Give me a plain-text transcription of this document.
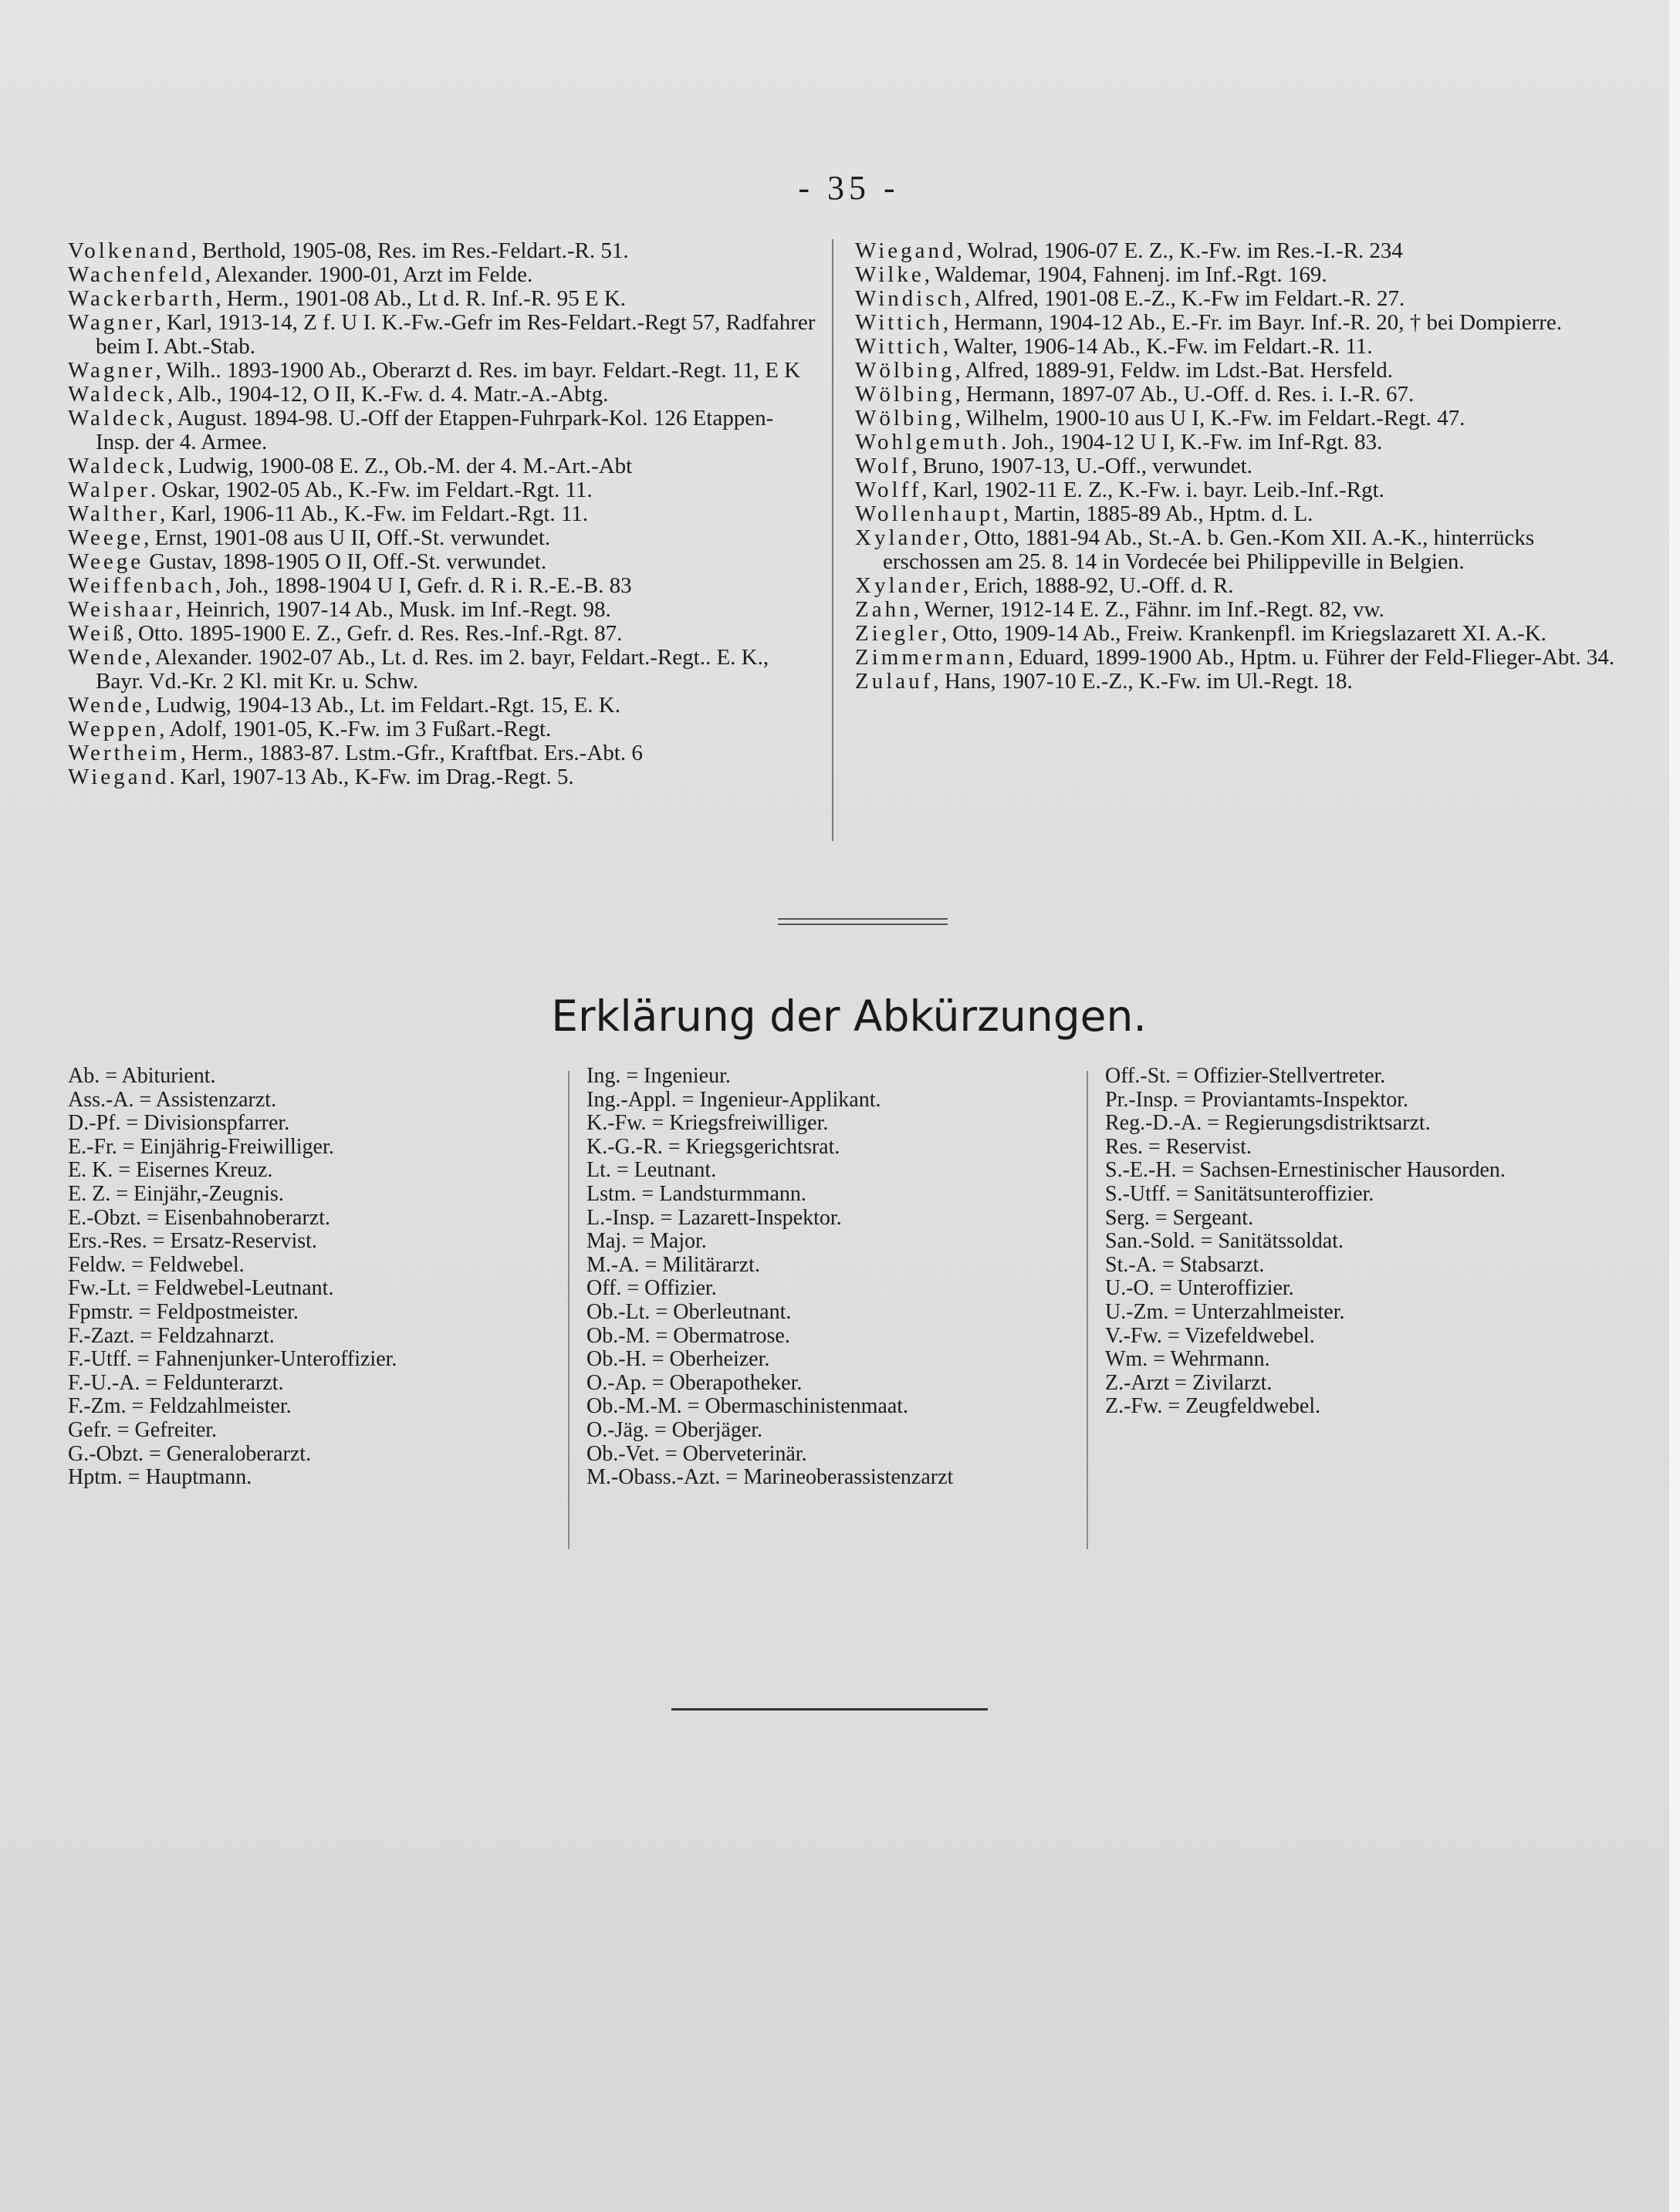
- 35 -
Volkenand, Berthold, 1905-08, Res. im Res.-Feldart.-R. 51.
Wachenfeld, Alexander. 1900-01, Arzt im Felde.
Wackerbarth, Herm., 1901-08 Ab., Lt d. R. Inf.-R. 95 E K.
Wagner, Karl, 1913-14, Z f. U I. K.-Fw.-Gefr im Res-Feldart.-Regt 57, Radfahrer beim I. Abt.-Stab.
Wagner, Wilh.. 1893-1900 Ab., Oberarzt d. Res. im bayr. Feldart.-Regt. 11, E K
Waldeck, Alb., 1904-12, O II, K.-Fw. d. 4. Matr.-A.-Abtg.
Waldeck, August. 1894-98. U.-Off der Etappen-Fuhrpark-Kol. 126 Etappen-Insp. der 4. Armee.
Waldeck, Ludwig, 1900-08 E. Z., Ob.-M. der 4. M.-Art.-Abt
Walper. Oskar, 1902-05 Ab., K.-Fw. im Feldart.-Rgt. 11.
Walther, Karl, 1906-11 Ab., K.-Fw. im Feldart.-Rgt. 11.
Weege, Ernst, 1901-08 aus U II, Off.-St. verwundet.
Weege Gustav, 1898-1905 O II, Off.-St. verwundet.
Weiffenbach, Joh., 1898-1904 U I, Gefr. d. R i. R.-E.-B. 83
Weishaar, Heinrich, 1907-14 Ab., Musk. im Inf.-Regt. 98.
Weiß, Otto. 1895-1900 E. Z., Gefr. d. Res. Res.-Inf.-Rgt. 87.
Wende, Alexander. 1902-07 Ab., Lt. d. Res. im 2. bayr, Feldart.-Regt.. E. K., Bayr. Vd.-Kr. 2 Kl. mit Kr. u. Schw.
Wende, Ludwig, 1904-13 Ab., Lt. im Feldart.-Rgt. 15, E. K.
Weppen, Adolf, 1901-05, K.-Fw. im 3 Fußart.-Regt.
Wertheim, Herm., 1883-87. Lstm.-Gfr., Kraftfbat. Ers.-Abt. 6
Wiegand. Karl, 1907-13 Ab., K-Fw. im Drag.-Regt. 5.
Wiegand, Wolrad, 1906-07 E. Z., K.-Fw. im Res.-I.-R. 234
Wilke, Waldemar, 1904, Fahnenj. im Inf.-Rgt. 169.
Windisch, Alfred, 1901-08 E.-Z., K.-Fw im Feldart.-R. 27.
Wittich, Hermann, 1904-12 Ab., E.-Fr. im Bayr. Inf.-R. 20, † bei Dompierre.
Wittich, Walter, 1906-14 Ab., K.-Fw. im Feldart.-R. 11.
Wölbing, Alfred, 1889-91, Feldw. im Ldst.-Bat. Hersfeld.
Wölbing, Hermann, 1897-07 Ab., U.-Off. d. Res. i. I.-R. 67.
Wölbing, Wilhelm, 1900-10 aus U I, K.-Fw. im Feldart.-Regt. 47.
Wohlgemuth. Joh., 1904-12 U I, K.-Fw. im Inf-Rgt. 83.
Wolf, Bruno, 1907-13, U.-Off., verwundet.
Wolff, Karl, 1902-11 E. Z., K.-Fw. i. bayr. Leib.-Inf.-Rgt.
Wollenhaupt, Martin, 1885-89 Ab., Hptm. d. L.
Xylander, Otto, 1881-94 Ab., St.-A. b. Gen.-Kom XII. A.-K., hinterrücks erschossen am 25. 8. 14 in Vordecée bei Philippeville in Belgien.
Xylander, Erich, 1888-92, U.-Off. d. R.
Zahn, Werner, 1912-14 E. Z., Fähnr. im Inf.-Regt. 82, vw.
Ziegler, Otto, 1909-14 Ab., Freiw. Krankenpfl. im Kriegslazarett XI. A.-K.
Zimmermann, Eduard, 1899-1900 Ab., Hptm. u. Führer der Feld-Flieger-Abt. 34.
Zulauf, Hans, 1907-10 E.-Z., K.-Fw. im Ul.-Regt. 18.
Erklärung der Abkürzungen.
Ab. = Abiturient.
Ass.-A. = Assistenzarzt.
D.-Pf. = Divisionspfarrer.
E.-Fr. = Einjährig-Freiwilliger.
E. K. = Eisernes Kreuz.
E. Z. = Einjähr,-Zeugnis.
E.-Obzt. = Eisenbahnoberarzt.
Ers.-Res. = Ersatz-Reservist.
Feldw. = Feldwebel.
Fw.-Lt. = Feldwebel-Leutnant.
Fpmstr. = Feldpostmeister.
F.-Zazt. = Feldzahnarzt.
F.-Utff. = Fahnenjunker-Unteroffizier.
F.-U.-A. = Feldunterarzt.
F.-Zm. = Feldzahlmeister.
Gefr. = Gefreiter.
G.-Obzt. = Generaloberarzt.
Hptm. = Hauptmann.
Ing. = Ingenieur.
Ing.-Appl. = Ingenieur-Applikant.
K.-Fw. = Kriegsfreiwilliger.
K.-G.-R. = Kriegsgerichtsrat.
Lt. = Leutnant.
Lstm. = Landsturmmann.
L.-Insp. = Lazarett-Inspektor.
Maj. = Major.
M.-A. = Militärarzt.
Off. = Offizier.
Ob.-Lt. = Oberleutnant.
Ob.-M. = Obermatrose.
Ob.-H. = Oberheizer.
O.-Ap. = Oberapotheker.
Ob.-M.-M. = Obermaschinistenmaat.
O.-Jäg. = Oberjäger.
Ob.-Vet. = Oberveterinär.
M.-Obass.-Azt. = Marineoberassistenzarzt
Off.-St. = Offizier-Stellvertreter.
Pr.-Insp. = Proviantamts-Inspektor.
Reg.-D.-A. = Regierungsdistriktsarzt.
Res. = Reservist.
S.-E.-H. = Sachsen-Ernestinischer Hausorden.
S.-Utff. = Sanitätsunteroffizier.
Serg. = Sergeant.
San.-Sold. = Sanitätssoldat.
St.-A. = Stabsarzt.
U.-O. = Unteroffizier.
U.-Zm. = Unterzahlmeister.
V.-Fw. = Vizefeldwebel.
Wm. = Wehrmann.
Z.-Arzt = Zivilarzt.
Z.-Fw. = Zeugfeldwebel.
